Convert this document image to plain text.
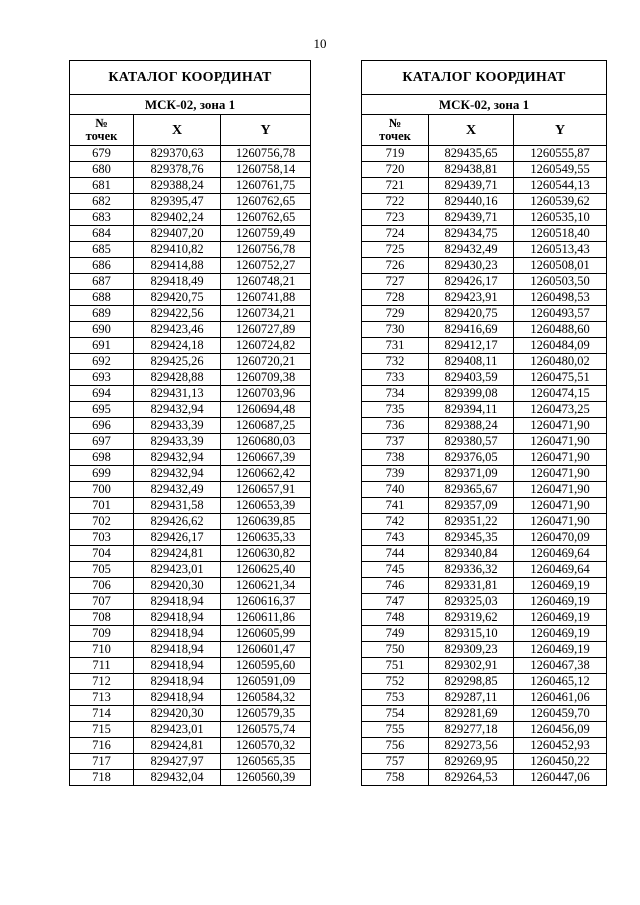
10
КАТАЛОГ КООРДИНАТ		
МСК-02, зона 1		
№
точек	X	Y
679	829370,63	1260756,78
680	829378,76	1260758,14
681	829388,24	1260761,75
682	829395,47	1260762,65
683	829402,24	1260762,65
684	829407,20	1260759,49
685	829410,82	1260756,78
686	829414,88	1260752,27
687	829418,49	1260748,21
688	829420,75	1260741,88
689	829422,56	1260734,21
690	829423,46	1260727,89
691	829424,18	1260724,82
692	829425,26	1260720,21
693	829428,88	1260709,38
694	829431,13	1260703,96
695	829432,94	1260694,48
696	829433,39	1260687,25
697	829433,39	1260680,03
698	829432,94	1260667,39
699	829432,94	1260662,42
700	829432,49	1260657,91
701	829431,58	1260653,39
702	829426,62	1260639,85
703	829426,17	1260635,33
704	829424,81	1260630,82
705	829423,01	1260625,40
706	829420,30	1260621,34
707	829418,94	1260616,37
708	829418,94	1260611,86
709	829418,94	1260605,99
710	829418,94	1260601,47
711	829418,94	1260595,60
712	829418,94	1260591,09
713	829418,94	1260584,32
714	829420,30	1260579,35
715	829423,01	1260575,74
716	829424,81	1260570,32
717	829427,97	1260565,35
718	829432,04	1260560,39
КАТАЛОГ КООРДИНАТ		
МСК-02, зона 1		
№
точек	X	Y
719	829435,65	1260555,87
720	829438,81	1260549,55
721	829439,71	1260544,13
722	829440,16	1260539,62
723	829439,71	1260535,10
724	829434,75	1260518,40
725	829432,49	1260513,43
726	829430,23	1260508,01
727	829426,17	1260503,50
728	829423,91	1260498,53
729	829420,75	1260493,57
730	829416,69	1260488,60
731	829412,17	1260484,09
732	829408,11	1260480,02
733	829403,59	1260475,51
734	829399,08	1260474,15
735	829394,11	1260473,25
736	829388,24	1260471,90
737	829380,57	1260471,90
738	829376,05	1260471,90
739	829371,09	1260471,90
740	829365,67	1260471,90
741	829357,09	1260471,90
742	829351,22	1260471,90
743	829345,35	1260470,09
744	829340,84	1260469,64
745	829336,32	1260469,64
746	829331,81	1260469,19
747	829325,03	1260469,19
748	829319,62	1260469,19
749	829315,10	1260469,19
750	829309,23	1260469,19
751	829302,91	1260467,38
752	829298,85	1260465,12
753	829287,11	1260461,06
754	829281,69	1260459,70
755	829277,18	1260456,09
756	829273,56	1260452,93
757	829269,95	1260450,22
758	829264,53	1260447,06
